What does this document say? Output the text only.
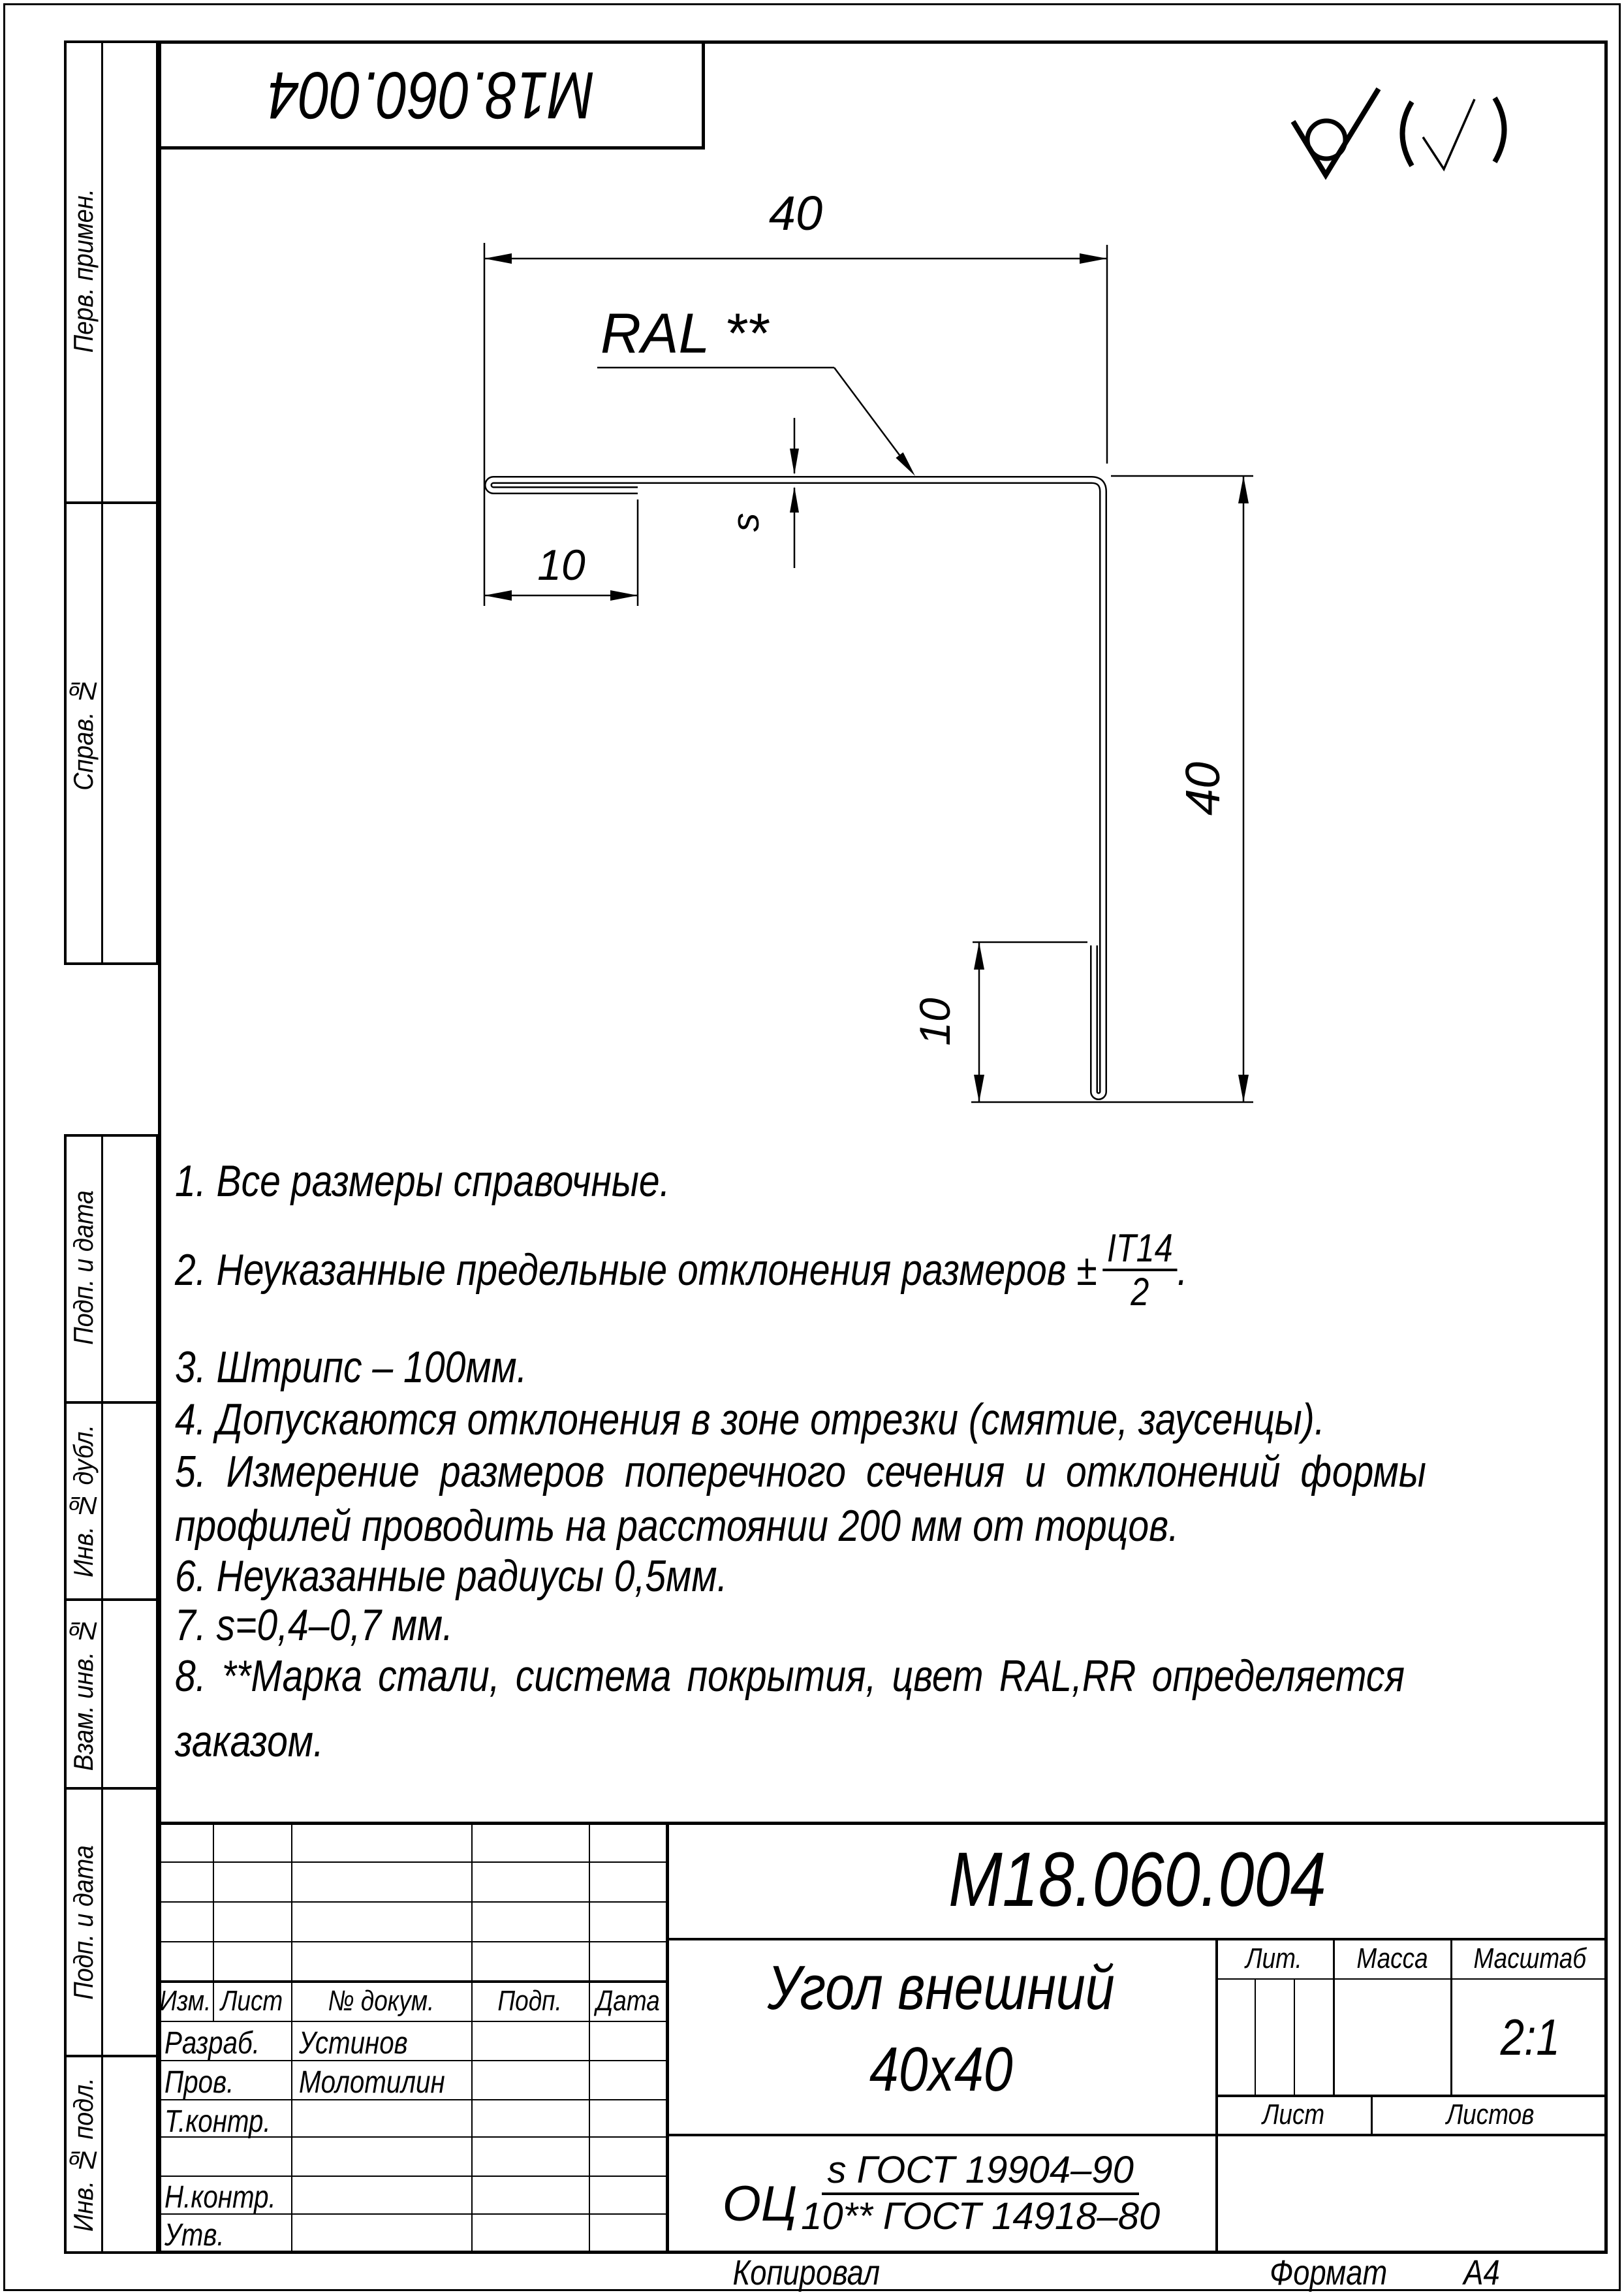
М18.060.004
Перв. примен.
Справ. №
Подп. и дата
Инв. № дубл.
Взам. инв. №
Подп. и дата
Инв. № подл.
40
RAL **
s
10
40
10
1. Все размеры справочные.
2. Неуказанные предельные отклонения размеров ± $\frac{IT14}{2}$ .
3. Штрипс – 100мм.
4. Допускаются отклонения в зоне отрезки (смятие, заусенцы).
5. Измерение размеров поперечного сечения и отклонений формы
профилей проводить на расстоянии 200 мм от торцов.
6. Неуказанные радиусы 0,5мм.
7. s=0,4–0,7 мм.
8. **Марка стали, система покрытия, цвет RAL,RR определяется
заказом.
М18.060.004
Угол внешний
40х40
Лит. Масса Масштаб
2:1
Лист	Листов
Изм. Лист № докум. Подп. Дата
Разраб.	Устинов
Пров.	Молотилин
Т.контр.
Н.контр.
Утв.
ОЦ $\frac{\text{s ГОСТ 19904–90}}{\text{10** ГОСТ 14918–80}}$
Копировал	Формат А4
